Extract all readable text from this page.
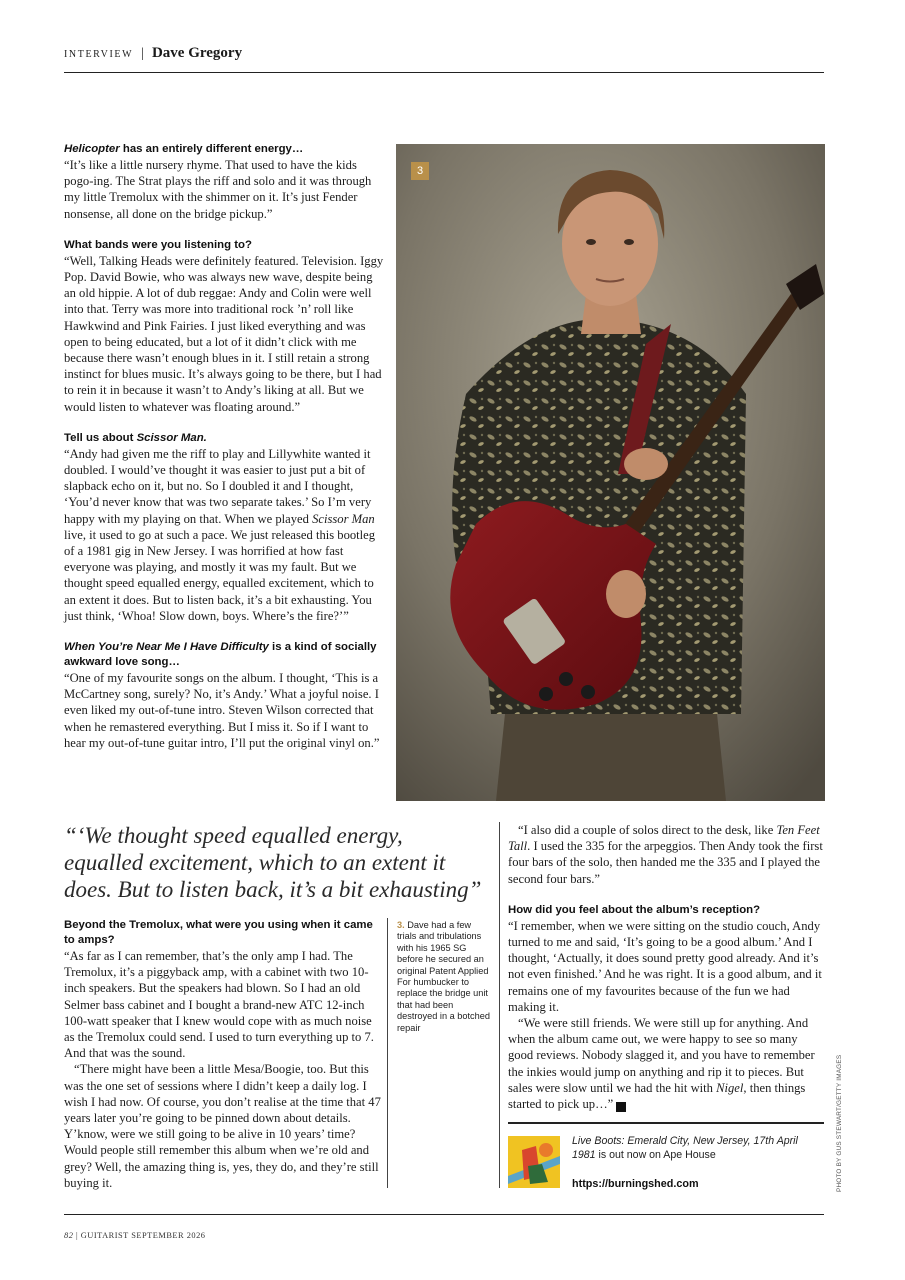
INTERVIEW | Dave Gregory
Helicopter has an entirely different energy…

“It’s like a little nursery rhyme. That used to have the kids pogo-ing. The Strat plays the riff and solo and it was through my little Tremolux with the shimmer on it. It’s just Fender nonsense, all done on the bridge pickup.”

What bands were you listening to?

“Well, Talking Heads were definitely featured. Television. Iggy Pop. David Bowie, who was always new wave, despite being an old hippie. A lot of dub reggae: Andy and Colin were well into that. Terry was more into traditional rock ’n’ roll like Hawkwind and Pink Fairies. I just liked everything and was open to being educated, but a lot of it didn’t click with me because there wasn’t enough blues in it. I still retain a strong instinct for blues music. It’s always going to be there, but I had to rein it in because it wasn’t to Andy’s liking at all. But we would listen to whatever was floating around.”

Tell us about Scissor Man.

“Andy had given me the riff to play and Lillywhite wanted it doubled. I would’ve thought it was easier to just put a bit of slapback echo on it, but no. So I doubled it and I thought, ‘You’d never know that was two separate takes.’ So I’m very happy with my playing on that. When we played Scissor Man live, it used to go at such a pace. We just released this bootleg of a 1981 gig in New Jersey. I was horrified at how fast everyone was playing, and mostly it was my fault. But we thought speed equalled energy, equalled excitement, which to an extent it does. But to listen back, it’s a bit exhausting. You just think, ‘Whoa! Slow down, boys. Where’s the fire?’”

When You’re Near Me I Have Difficulty is a kind of socially awkward love song…

“One of my favourite songs on the album. I thought, ‘This is a McCartney song, surely? No, it’s Andy.’ What a joyful noise. I even liked my out-of-tune intro. Steven Wilson corrected that when he remastered everything. But I miss it. So if I want to hear my out-of-tune guitar intro, I’ll put the original vinyl on.”

3
“‘We thought speed equalled energy, equalled excitement, which to an extent it does. But to listen back, it’s a bit exhausting”
Beyond the Tremolux, what were you using when it came to amps?

“As far as I can remember, that’s the only amp I had. The Tremolux, it’s a piggyback amp, with a cabinet with two 10-inch speakers. But the speakers had blown. So I had an old Selmer bass cabinet and I bought a brand-new ATC 12-inch 100-watt speaker that I knew would cope with as much noise as the Tremolux could send. I used to turn everything up to 7. And that was the sound.

“There might have been a little Mesa/Boogie, too. But this was the one set of sessions where I didn’t keep a daily log. I wish I had now. Of course, you don’t realise at the time that 47 years later you’re going to be pinned down about details. Y’know, were we still going to be alive in 10 years’ time? Would people still remember this album when we’re old and grey? Well, the amazing thing is, yes, they do, and they’re still buying it.

3. Dave had a few trials and tribulations with his 1965 SG before he secured an original Patent Applied For humbucker to replace the bridge unit that had been destroyed in a botched repair

“I also did a couple of solos direct to the desk, like Ten Feet Tall. I used the 335 for the arpeggios. Then Andy took the first four bars of the solo, then handed me the 335 and I played the second four bars.”

How did you feel about the album’s reception?

“I remember, when we were sitting on the studio couch, Andy turned to me and said, ‘It’s going to be a good album.’ And I thought, ‘Actually, it does sound pretty good already. And it’s not even finished.’ And he was right. It is a good album, and it remains one of my favourites because of the fun we had making it.

“We were still friends. We were still up for anything. And when the album came out, we were happy to see so many good reviews. Nobody slagged it, and you have to remember the inkies would jump on anything and rip it to pieces. But sales were slow until we had the hit with Nigel, then things started to pick up…” G

Live Boots: Emerald City, New Jersey, 17th April 1981 is out now on Ape House
https://burningshed.com	PHOTO BY GUS STEWART/GETTY IMAGES
82 | GUITARIST SEPTEMBER 2026
